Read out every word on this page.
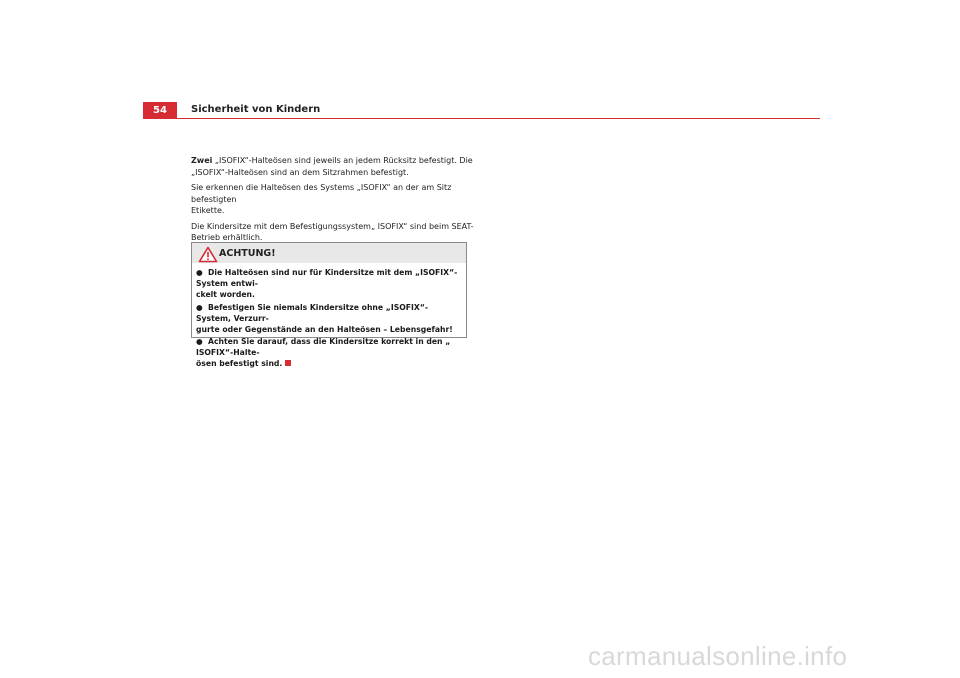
54 Sicherheit von Kindern

Zwei „ISOFIX“-Halteösen sind jeweils an jedem Rücksitz befestigt. Die
„ISOFIX“-Halteösen sind an dem Sitzrahmen befestigt.

Sie erkennen die Halteösen des Systems „ISOFIX“ an der am Sitz befestigten
Etikette.

Die Kindersitze mit dem Befestigungssystem„ ISOFIX“ sind beim SEAT-
Betrieb erhältlich.

ACHTUNG!
● Die Halteösen sind nur für Kindersitze mit dem „ISOFIX“-System entwi-
ckelt worden.
● Befestigen Sie niemals Kindersitze ohne „ISOFIX“-System, Verzurr-
gurte oder Gegenstände an den Halteösen – Lebensgefahr!
● Achten Sie darauf, dass die Kindersitze korrekt in den „ ISOFIX“-Halte-
ösen befestigt sind.
carmanualsonline.info
